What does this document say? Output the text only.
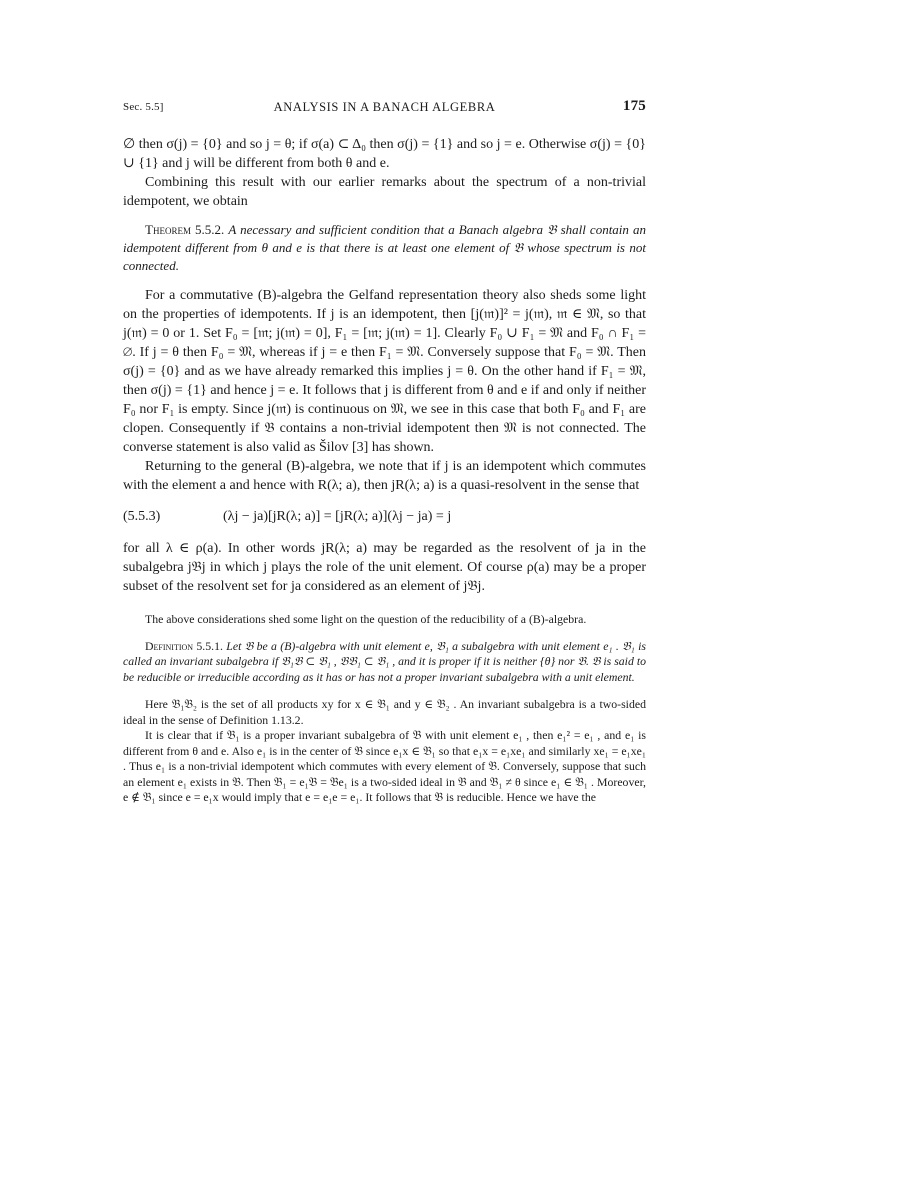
Sec. 5.5]	ANALYSIS IN A BANACH ALGEBRA	175

∅ then σ(j) = {0} and so j = θ; if σ(a) ⊂ Δ₀ then σ(j) = {1} and so j = e. Otherwise σ(j) = {0} ∪ {1} and j will be different from both θ and e.

Combining this result with our earlier remarks about the spectrum of a non-trivial idempotent, we obtain

Theorem 5.5.2. A necessary and sufficient condition that a Banach algebra 𝔅 shall contain an idempotent different from θ and e is that there is at least one element of 𝔅 whose spectrum is not connected.

For a commutative (B)-algebra the Gelfand representation theory also sheds some light on the properties of idempotents. If j is an idempotent, then [j(𝔪)]² = j(𝔪), 𝔪 ∈ 𝔐, so that j(𝔪) = 0 or 1. Set F₀ = [𝔪; j(𝔪) = 0], F₁ = [𝔪; j(𝔪) = 1]. Clearly F₀ ∪ F₁ = 𝔐 and F₀ ∩ F₁ = ∅. If j = θ then F₀ = 𝔐, whereas if j = e then F₁ = 𝔐. Conversely suppose that F₀ = 𝔐. Then σ(j) = {0} and as we have already remarked this implies j = θ. On the other hand if F₁ = 𝔐, then σ(j) = {1} and hence j = e. It follows that j is different from θ and e if and only if neither F₀ nor F₁ is empty. Since j(𝔪) is continuous on 𝔐, we see in this case that both F₀ and F₁ are clopen. Consequently if 𝔅 contains a non-trivial idempotent then 𝔐 is not connected. The converse statement is also valid as Šilov [3] has shown.

Returning to the general (B)-algebra, we note that if j is an idempotent which commutes with the element a and hence with R(λ; a), then jR(λ; a) is a quasi-resolvent in the sense that

(5.5.3)	(λj − ja)[jR(λ; a)] = [jR(λ; a)](λj − ja) = j

for all λ ∈ ρ(a). In other words jR(λ; a) may be regarded as the resolvent of ja in the subalgebra j𝔅j in which j plays the role of the unit element. Of course ρ(a) may be a proper subset of the resolvent set for ja considered as an element of j𝔅j.

The above considerations shed some light on the question of the reducibility of a (B)-algebra.

Definition 5.5.1. Let 𝔅 be a (B)-algebra with unit element e, 𝔅₁ a subalgebra with unit element e₁ . 𝔅₁ is called an invariant subalgebra if 𝔅₁𝔅 ⊂ 𝔅₁ , 𝔅𝔅₁ ⊂ 𝔅₁ , and it is proper if it is neither {θ} nor 𝔅. 𝔅 is said to be reducible or irreducible according as it has or has not a proper invariant subalgebra with a unit element.

Here 𝔅₁𝔅₂ is the set of all products xy for x ∈ 𝔅₁ and y ∈ 𝔅₂ . An invariant subalgebra is a two-sided ideal in the sense of Definition 1.13.2.

It is clear that if 𝔅₁ is a proper invariant subalgebra of 𝔅 with unit element e₁ , then e₁² = e₁ , and e₁ is different from θ and e. Also e₁ is in the center of 𝔅 since e₁x ∈ 𝔅₁ so that e₁x = e₁xe₁ and similarly xe₁ = e₁xe₁ . Thus e₁ is a non-trivial idempotent which commutes with every element of 𝔅. Conversely, suppose that such an element e₁ exists in 𝔅. Then 𝔅₁ = e₁𝔅 = 𝔅e₁ is a two-sided ideal in 𝔅 and 𝔅₁ ≠ θ since e₁ ∈ 𝔅₁ . Moreover, e ∉ 𝔅₁ since e = e₁x would imply that e = e₁e = e₁. It follows that 𝔅 is reducible. Hence we have the
